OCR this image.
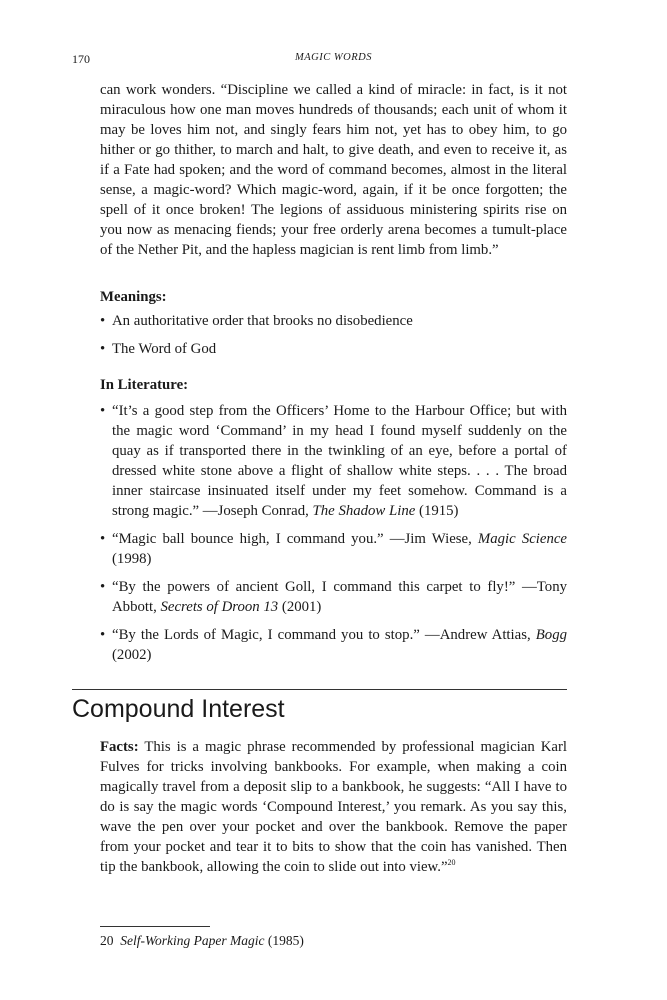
170	MAGIC WORDS

can work wonders. “Discipline we called a kind of miracle: in fact, is it not miraculous how one man moves hundreds of thousands; each unit of whom it may be loves him not, and singly fears him not, yet has to obey him, to go hither or go thither, to march and halt, to give death, and even to receive it, as if a Fate had spoken; and the word of command becomes, almost in the literal sense, a magic-word? Which magic-word, again, if it be once forgotten; the spell of it once broken! The legions of assiduous ministering spirits rise on you now as menacing fiends; your free orderly arena becomes a tumult-place of the Nether Pit, and the hapless magician is rent limb from limb.”

Meanings:

• An authoritative order that brooks no disobedience
• The Word of God

In Literature:

• “It’s a good step from the Officers’ Home to the Harbour Office; but with the magic word ‘Command’ in my head I found myself suddenly on the quay as if transported there in the twinkling of an eye, before a portal of dressed white stone above a flight of shallow white steps. . . . The broad inner staircase insinuated itself under my feet somehow. Command is a strong magic.” —Joseph Conrad, The Shadow Line (1915)
• “Magic ball bounce high, I command you.” —Jim Wiese, Magic Science (1998)
• “By the powers of ancient Goll, I command this carpet to fly!” —Tony Abbott, Secrets of Droon 13 (2001)
• “By the Lords of Magic, I command you to stop.” —Andrew Attias, Bogg (2002)
Compound Interest

Facts: This is a magic phrase recommended by professional magician Karl Fulves for tricks involving bankbooks. For example, when making a coin magically travel from a deposit slip to a bankbook, he suggests: “All I have to do is say the magic words ‘Compound Interest,’ you remark. As you say this, wave the pen over your pocket and over the bankbook. Remove the paper from your pocket and tear it to bits to show that the coin has vanished. Then tip the bankbook, allowing the coin to slide out into view.”$^{20}$

20 Self-Working Paper Magic (1985)
